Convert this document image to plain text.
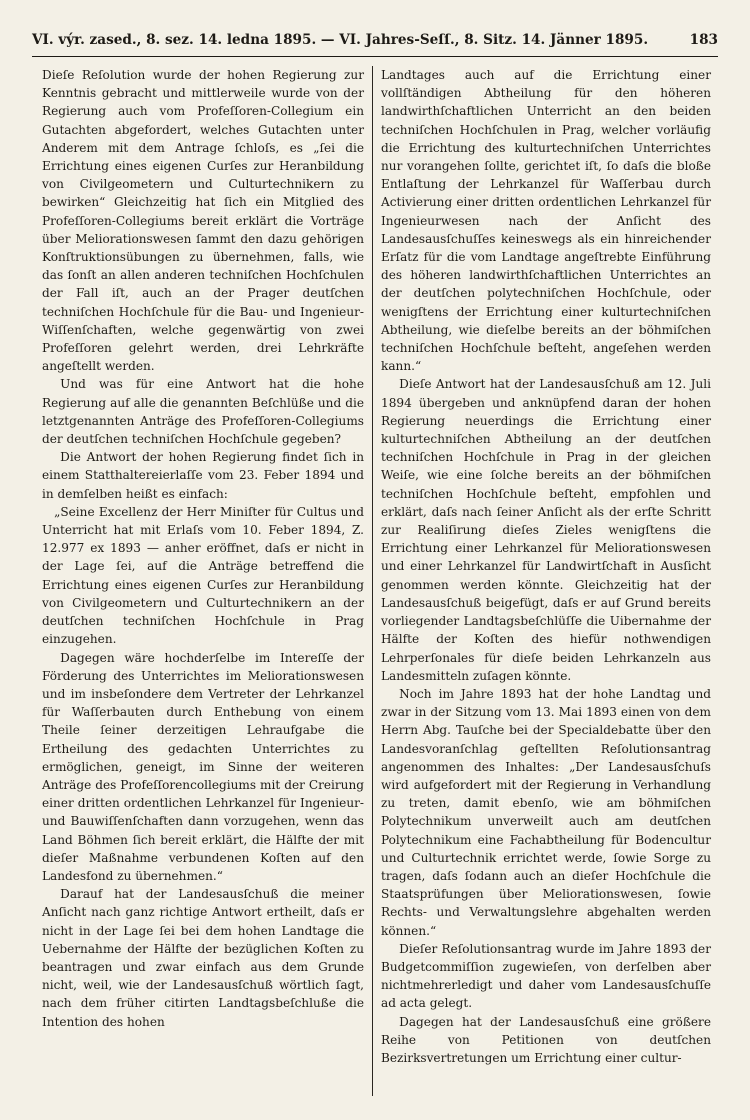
VI. výr. zased., 8. sez. 14. ledna 1895. — VI. Jahres-Seſſ., 8. Sitz. 14. Jänner 1895.	183

Dieſe Reſolution wurde der hohen Regierung zur Kenntnis gebracht und mittlerweile wurde von der Regierung auch vom Profeſſoren-Collegium ein Gutachten abgefordert, welches Gutachten unter Anderem mit dem Antrage ſchloſs, es „ſei die Errichtung eines eigenen Curſes zur Heranbildung von Civilgeometern und Culturtechnikern zu bewirken“ Gleichzeitig hat ſich ein Mitglied des Profeſſoren-Collegiums bereit erklärt die Vorträge über Meliorationswesen ſammt den dazu gehörigen Konſtruktionsübungen zu übernehmen, falls, wie das ſonſt an allen anderen techniſchen Hochſchulen der Fall iſt, auch an der Prager deutſchen techniſchen Hochſchule für die Bau- und Ingenieur-Wiſſenſchaften, welche gegenwärtig von zwei Profeſſoren gelehrt werden, drei Lehrkräfte angeſtellt werden.

Und was für eine Antwort hat die hohe Regierung auf alle die genannten Beſchlüße und die letztgenannten Anträge des Profeſſoren-Collegiums der deutſchen techniſchen Hochſchule gegeben?

Die Antwort der hohen Regierung findet ſich in einem Statthaltereierlaſſe vom 23. Feber 1894 und in demſelben heißt es einfach:

„Seine Excellenz der Herr Miniſter für Cultus und Unterricht hat mit Erlaſs vom 10. Feber 1894, Z. 12.977 ex 1893 — anher eröffnet, daſs er nicht in der Lage ſei, auf die Anträge betreffend die Errichtung eines eigenen Curſes zur Heranbildung von Civilgeometern und Culturtechnikern an der deutſchen techniſchen Hochſchule in Prag einzugehen.

Dagegen wäre hochderſelbe im Intereſſe der Förderung des Unterrichtes im Meliorationswesen und im insbeſondere dem Vertreter der Lehrkanzel für Waſſerbauten durch Enthebung von einem Theile ſeiner derzeitigen Lehraufgabe die Ertheilung des gedachten Unterrichtes zu ermöglichen, geneigt, im Sinne der weiteren Anträge des Profeſſorencollegiums mit der Creirung einer dritten ordentlichen Lehrkanzel für Ingenieur- und Bauwiſſenſchaften dann vorzugehen, wenn das Land Böhmen ſich bereit erklärt, die Hälfte der mit dieſer Maßnahme verbundenen Koſten auf den Landesfond zu übernehmen.“

Darauf hat der Landesausſchuß die meiner Anſicht nach ganz richtige Antwort ertheilt, daſs er nicht in der Lage ſei bei dem hohen Landtage die Uebernahme der Hälfte der bezüglichen Koſten zu beantragen und zwar einfach aus dem Grunde nicht, weil, wie der Landesausſchuß wörtlich ſagt, nach dem früher citirten Landtagsbeſchluße die Intention des hohen

Landtages auch auf die Errichtung einer vollſtändigen Abtheilung für den höheren landwirthſchaftlichen Unterricht an den beiden techniſchen Hochſchulen in Prag, welcher vorläufig die Errichtung des kulturtechniſchen Unterrichtes nur vorangehen ſollte, gerichtet iſt, ſo daſs die bloße Entlaſtung der Lehrkanzel für Waſſerbau durch Activierung einer dritten ordentlichen Lehrkanzel für Ingenieurwesen nach der Anſicht des Landesausſchuſſes keineswegs als ein hinreichender Erſatz für die vom Landtage angeſtrebte Einführung des höheren landwirthſchaftlichen Unterrichtes an der deutſchen polytechniſchen Hochſchule, oder wenigſtens der Errichtung einer kulturtechniſchen Abtheilung, wie dieſelbe bereits an der böhmiſchen techniſchen Hochſchule beſteht, angeſehen werden kann.“

Dieſe Antwort hat der Landesausſchuß am 12. Juli 1894 übergeben und anknüpfend daran der hohen Regierung neuerdings die Errichtung einer kulturtechniſchen Abtheilung an der deutſchen techniſchen Hochſchule in Prag in der gleichen Weiſe, wie eine ſolche bereits an der böhmiſchen techniſchen Hochſchule beſteht, empfohlen und erklärt, daſs nach ſeiner Anſicht als der erſte Schritt zur Realiſirung dieſes Zieles wenigſtens die Errichtung einer Lehrkanzel für Meliorationswesen und einer Lehrkanzel für Landwirtſchaft in Ausſicht genommen werden könnte. Gleichzeitig hat der Landesausſchuß beigefügt, daſs er auf Grund bereits vorliegender Landtagsbeſchlüſſe die Uibernahme der Hälfte der Koſten des hiefür nothwendigen Lehrperſonales für dieſe beiden Lehrkanzeln aus Landesmitteln zuſagen könnte.

Noch im Jahre 1893 hat der hohe Landtag und zwar in der Sitzung vom 13. Mai 1893 einen von dem Herrn Abg. Tauſche bei der Specialdebatte über den Landesvoranſchlag geſtellten Reſolutionsantrag angenommen des Inhaltes: „Der Landesausſchuſs wird aufgefordert mit der Regierung in Verhandlung zu treten, damit ebenſo, wie am böhmiſchen Polytechnikum unverweilt auch am deutſchen Polytechnikum eine Fachabtheilung für Bodencultur und Culturtechnik errichtet werde, ſowie Sorge zu tragen, daſs ſodann auch an dieſer Hochſchule die Staatsprüfungen über Meliorationswesen, ſowie Rechts- und Verwaltungslehre abgehalten werden können.“

Dieſer Reſolutionsantrag wurde im Jahre 1893 der Budgetcommiſſion zugewieſen, von derſelben aber nichtmehrerledigt und daher vom Landesausſchuſſe ad acta gelegt.

Dagegen hat der Landesausſchuß eine größere Reihe von Petitionen von deutſchen Bezirksvertretungen um Errichtung einer cultur-
